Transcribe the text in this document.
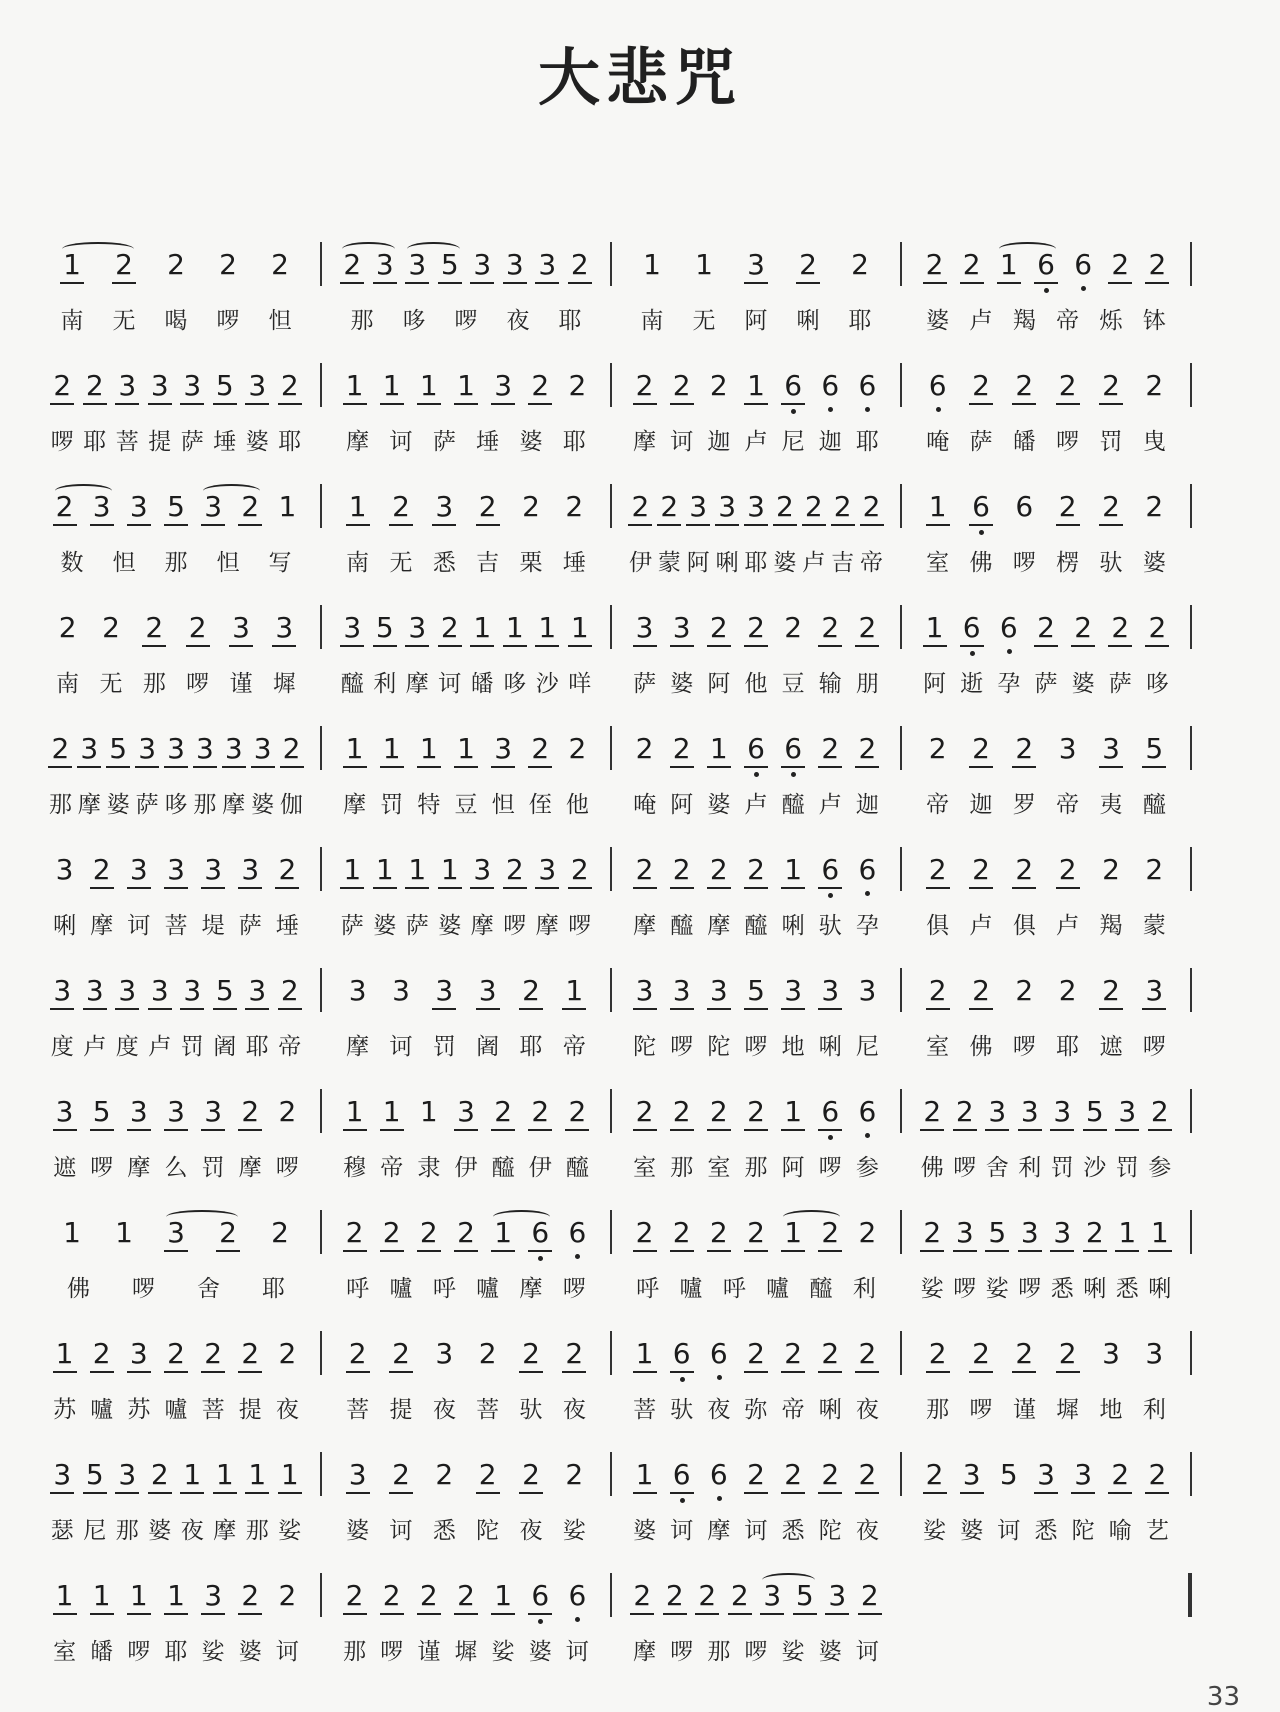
大悲咒
1 2 2 2 2
南 无 喝 啰 怛
2 3 3 5 3 3 3 2
那 哆 啰 夜 耶
1 1 3 2 2
南 无 阿 唎 耶
2 2 1 6 6 2 2
婆 卢 羯 帝 烁 钵
2 2 3 3 3 5 3 2
啰 耶 菩 提 萨 埵 婆 耶
1 1 1 1 3 2 2
摩 诃 萨 埵 婆 耶
2 2 2 1 6 6 6
摩 诃 迦 卢 尼 迦 耶
6 2 2 2 2 2
唵 萨 皤 啰 罚 曳
2 3 3 5 3 2 1
数 怛 那 怛 写
1 2 3 2 2 2
南 无 悉 吉 栗 埵
2 2 3 3 3 2 2 2 2
伊 蒙 阿 唎 耶 婆 卢 吉 帝
1 6 6 2 2 2
室 佛 啰 楞 驮 婆
2 2 2 2 3 3
南 无 那 啰 谨 墀
3 5 3 2 1 1 1 1
醯 利 摩 诃 皤 哆 沙 咩
3 3 2 2 2 2 2
萨 婆 阿 他 豆 输 朋
1 6 6 2 2 2 2
阿 逝 孕 萨 婆 萨 哆
2 3 5 3 3 3 3 3 2
那 摩 婆 萨 哆 那 摩 婆 伽
1 1 1 1 3 2 2
摩 罚 特 豆 怛 侄 他
2 2 1 6 6 2 2
唵 阿 婆 卢 醯 卢 迦
2 2 2 3 3 5
帝 迦 罗 帝 夷 醯
3 2 3 3 3 3 2
唎 摩 诃 菩 堤 萨 埵
1 1 1 1 3 2 3 2
萨 婆 萨 婆 摩 啰 摩 啰
2 2 2 2 1 6 6
摩 醯 摩 醯 唎 驮 孕
2 2 2 2 2 2
俱 卢 俱 卢 羯 蒙
3 3 3 3 3 5 3 2
度 卢 度 卢 罚 阇 耶 帝
3 3 3 3 2 1
摩 诃 罚 阇 耶 帝
3 3 3 5 3 3 3
陀 啰 陀 啰 地 唎 尼
2 2 2 2 2 3
室 佛 啰 耶 遮 啰
3 5 3 3 3 2 2
遮 啰 摩 么 罚 摩 啰
1 1 1 3 2 2 2
穆 帝 隶 伊 醯 伊 醯
2 2 2 2 1 6 6
室 那 室 那 阿 啰 参
2 2 3 3 3 5 3 2
佛 啰 舍 利 罚 沙 罚 参
1 1 3 2 2
佛 啰 舍 耶
2 2 2 2 1 6 6
呼 嚧 呼 嚧 摩 啰
2 2 2 2 1 2 2
呼 嚧 呼 嚧 醯 利
2 3 5 3 3 2 1 1
娑 啰 娑 啰 悉 唎 悉 唎
1 2 3 2 2 2 2
苏 嚧 苏 嚧 菩 提 夜
2 2 3 2 2 2
菩 提 夜 菩 驮 夜
1 6 6 2 2 2 2
菩 驮 夜 弥 帝 唎 夜
2 2 2 2 3 3
那 啰 谨 墀 地 利
3 5 3 2 1 1 1 1
瑟 尼 那 婆 夜 摩 那 娑
3 2 2 2 2 2
婆 诃 悉 陀 夜 娑
1 6 6 2 2 2 2
婆 诃 摩 诃 悉 陀 夜
2 3 5 3 3 2 2
娑 婆 诃 悉 陀 喻 艺
1 1 1 1 3 2 2
室 皤 啰 耶 娑 婆 诃
2 2 2 2 1 6 6
那 啰 谨 墀 娑 婆 诃
2 2 2 2 3 5 3 2
摩 啰 那 啰 娑 婆 诃
33
